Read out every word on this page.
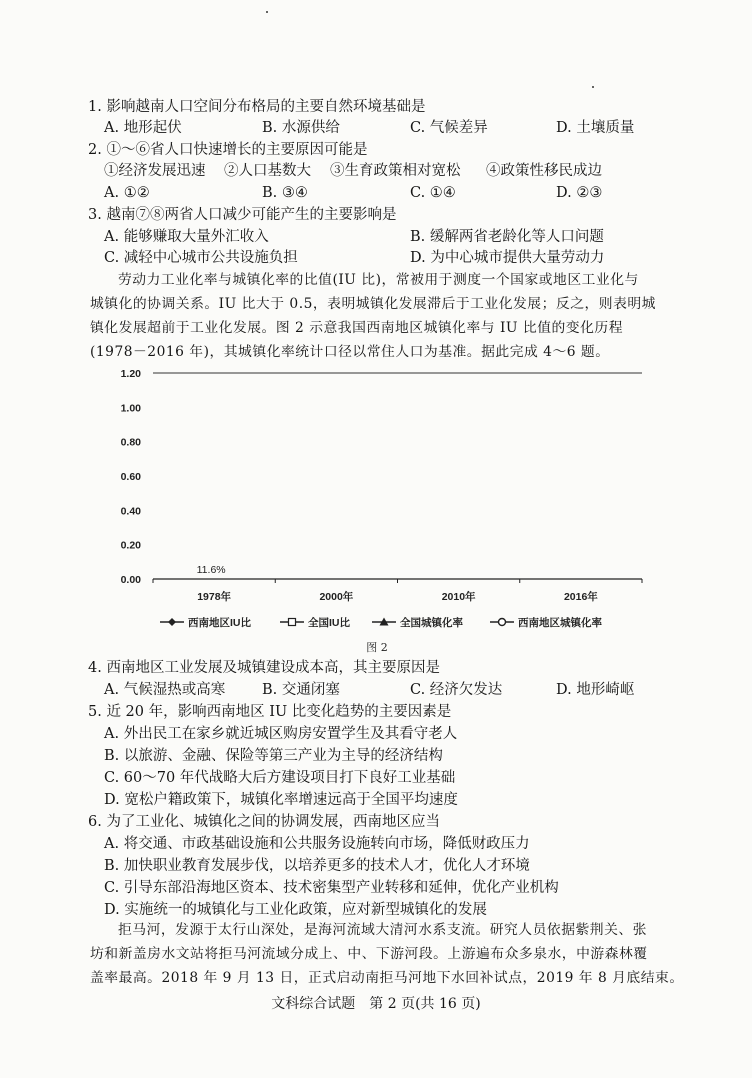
1. 影响越南人口空间分布格局的主要自然环境基础是
A. 地形起伏	B. 水源供给	C. 气候差异	D. 土壤质量
2. ①～⑥省人口快速增长的主要原因可能是
①经济发展迅速 ②人口基数大 ③生育政策相对宽松 ④政策性移民成边
A. ①②	B. ③④	C. ①④	D. ②③
3. 越南⑦⑧两省人口减少可能产生的主要影响是
A. 能够赚取大量外汇收入	B. 缓解两省老龄化等人口问题
C. 减轻中心城市公共设施负担	D. 为中心城市提供大量劳动力
劳动力工业化率与城镇化率的比值(IU 比)，常被用于测度一个国家或地区工业化与
城镇化的协调关系。IU 比大于 0.5，表明城镇化发展滞后于工业化发展；反之，则表明城
镇化发展超前于工业化发展。图 2 示意我国西南地区城镇化率与 IU 比值的变化历程
(1978－2016 年)，其城镇化率统计口径以常住人口为基准。据此完成 4～6 题。
0.00
0.20
0.40
0.60
0.80
1.00
1.20
1978年	2000年	2010年	2016年
11.6%
西南地区IU比	全国IU比	全国城镇化率	西南地区城镇化率
图 2
4. 西南地区工业发展及城镇建设成本高，其主要原因是
A. 气候湿热或高寒	B. 交通闭塞	C. 经济欠发达	D. 地形崎岖
5. 近 20 年，影响西南地区 IU 比变化趋势的主要因素是
A. 外出民工在家乡就近城区购房安置学生及其看守老人
B. 以旅游、金融、保险等第三产业为主导的经济结构
C. 60～70 年代战略大后方建设项目打下良好工业基础
D. 宽松户籍政策下，城镇化率增速远高于全国平均速度
6. 为了工业化、城镇化之间的协调发展，西南地区应当
A. 将交通、市政基础设施和公共服务设施转向市场，降低财政压力
B. 加快职业教育发展步伐，以培养更多的技术人才，优化人才环境
C. 引导东部沿海地区资本、技术密集型产业转移和延伸，优化产业机构
D. 实施统一的城镇化与工业化政策，应对新型城镇化的发展
拒马河，发源于太行山深处，是海河流域大清河水系支流。研究人员依据紫荆关、张
坊和新盖房水文站将拒马河流域分成上、中、下游河段。上游遍布众多泉水，中游森林覆
盖率最高。2018 年 9 月 13 日，正式启动南拒马河地下水回补试点，2019 年 8 月底结束。
文科综合试题　第 2 页(共 16 页)
